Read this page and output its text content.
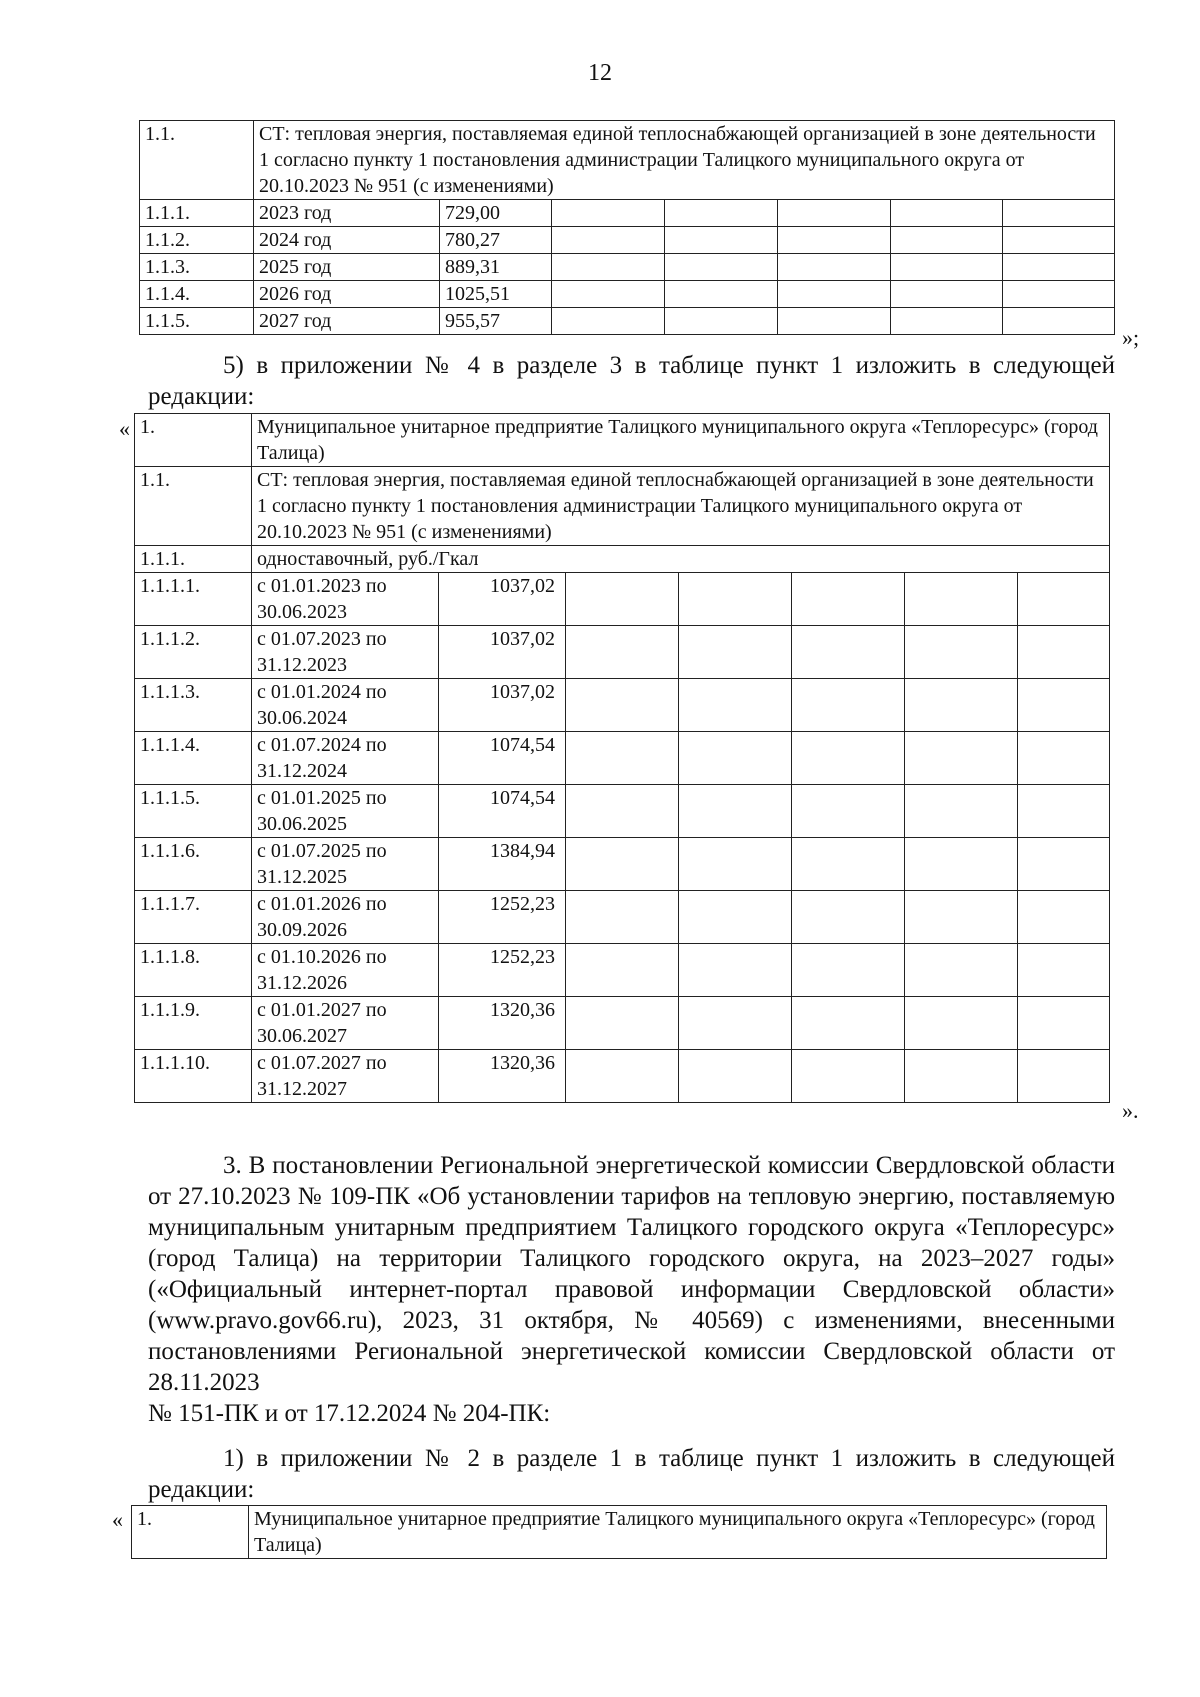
12
1.1.	СТ: тепловая энергия, поставляемая единой теплоснабжающей организацией в зоне деятельности 1 согласно пункту 1 постановления администрации Талицкого муниципального округа от 20.10.2023 № 951 (с изменениями)						
1.1.1.	2023 год	729,00					
1.1.2.	2024 год	780,27					
1.1.3.	2025 год	889,31					
1.1.4.	2026 год	1025,51					
1.1.5.	2027 год	955,57					
»;
5) в приложении № 4 в разделе 3 в таблице пункт 1 изложить в следующей
редакции:
« 1.	Муниципальное унитарное предприятие Талицкого муниципального округа «Теплоресурс» (город Талица)						
1.1.	СТ: тепловая энергия, поставляемая единой теплоснабжающей организацией в зоне деятельности 1 согласно пункту 1 постановления администрации Талицкого муниципального округа от 20.10.2023 № 951 (с изменениями)						
1.1.1.	одноставочный, руб./Гкал						
1.1.1.1.	с 01.01.2023 по 30.06.2023	1037,02					
1.1.1.2.	с 01.07.2023 по 31.12.2023	1037,02					
1.1.1.3.	с 01.01.2024 по 30.06.2024	1037,02					
1.1.1.4.	с 01.07.2024 по 31.12.2024	1074,54					
1.1.1.5.	с 01.01.2025 по 30.06.2025	1074,54					
1.1.1.6.	с 01.07.2025 по 31.12.2025	1384,94					
1.1.1.7.	с 01.01.2026 по 30.09.2026	1252,23					
1.1.1.8.	с 01.10.2026 по 31.12.2026	1252,23					
1.1.1.9.	с 01.01.2027 по 30.06.2027	1320,36					
1.1.1.10.	с 01.07.2027 по 31.12.2027	1320,36					
».
3. В постановлении Региональной энергетической комиссии Свердловской области от 27.10.2023 № 109-ПК «Об установлении тарифов на тепловую энергию, поставляемую муниципальным унитарным предприятием Талицкого городского округа «Теплоресурс» (город Талица) на территории Талицкого городского округа, на 2023–2027 годы» («Официальный интернет-портал правовой информации Свердловской области» (www.pravo.gov66.ru), 2023, 31 октября, № 40569) с изменениями, внесенными постановлениями Региональной энергетической комиссии Свердловской области от 28.11.2023
№ 151-ПК и от 17.12.2024 № 204-ПК:
1) в приложении № 2 в разделе 1 в таблице пункт 1 изложить в следующей
редакции:
« 1.	Муниципальное унитарное предприятие Талицкого муниципального округа «Теплоресурс» (город Талица)
